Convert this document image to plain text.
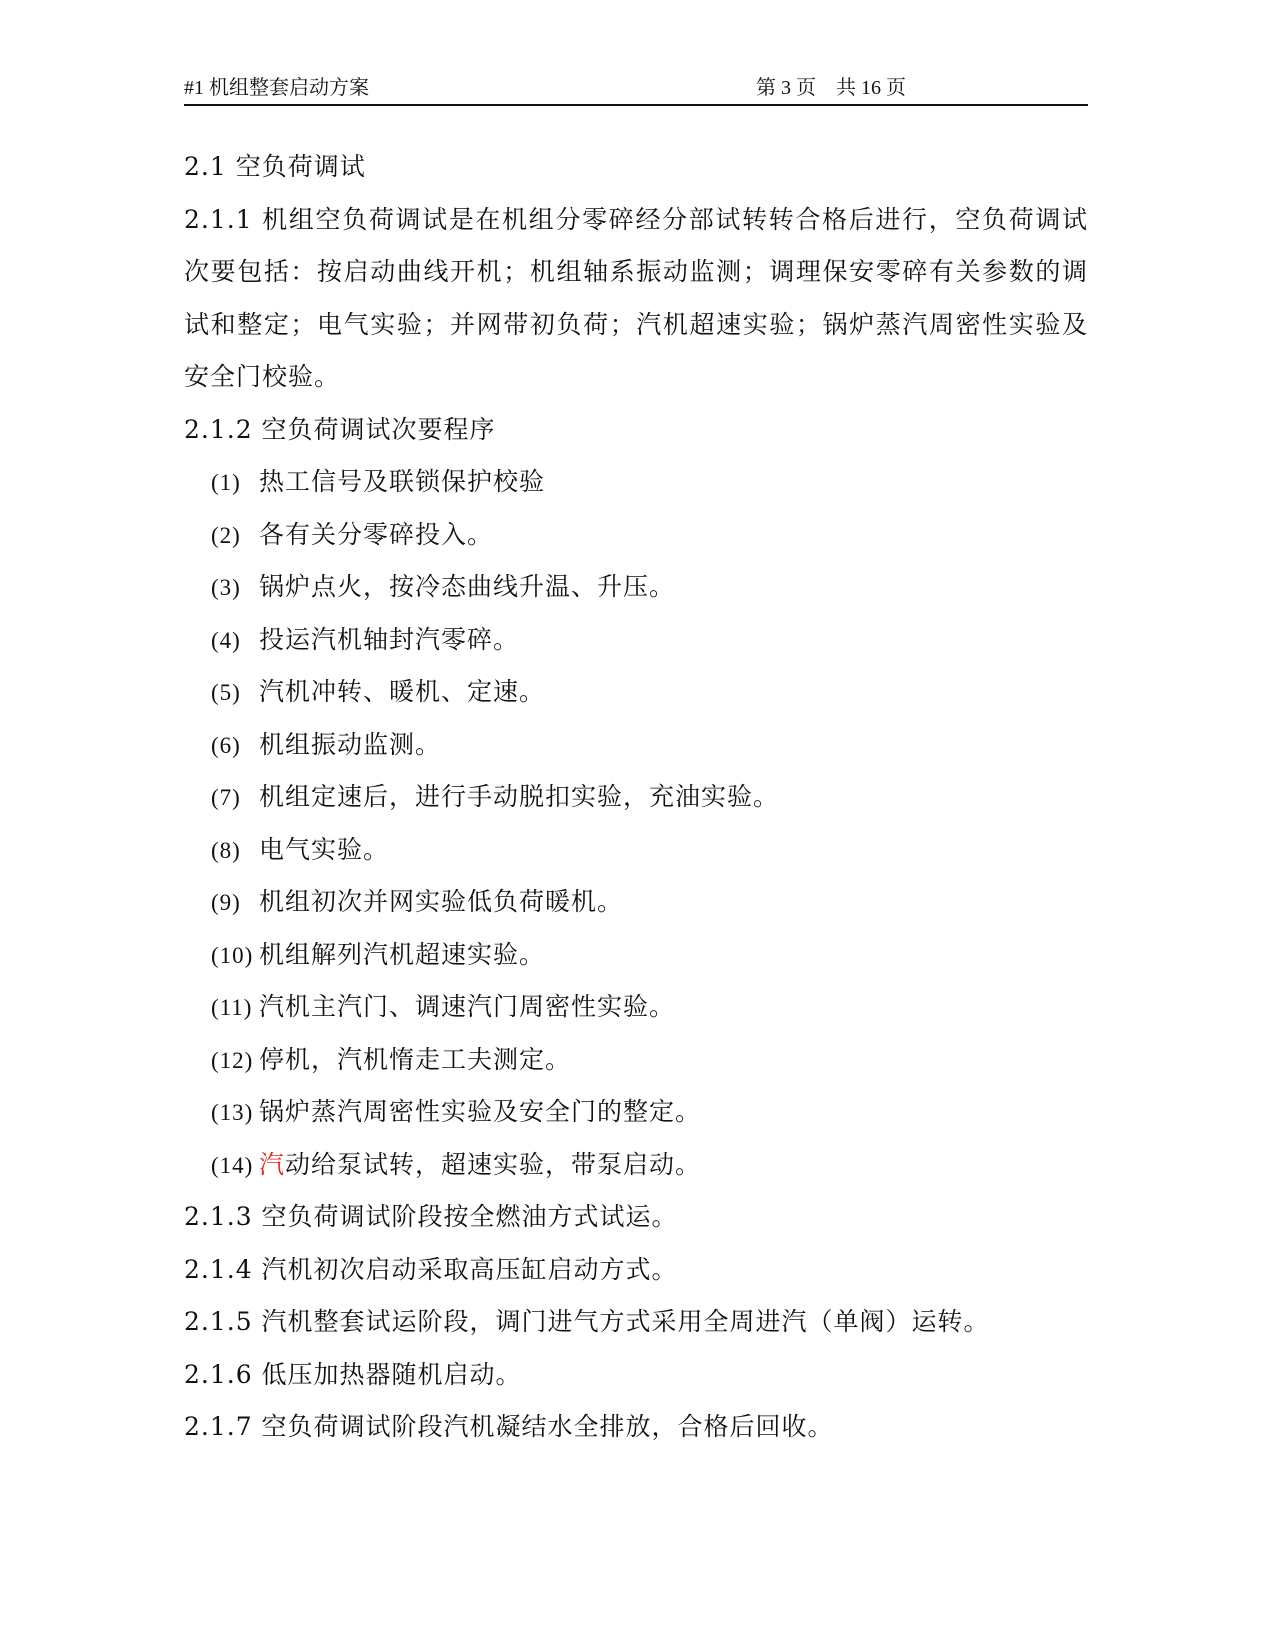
#1 机组整套启动方案	第 3 页    共 16 页
2.1 空负荷调试

2.1.1 机组空负荷调试是在机组分零碎经分部试转转合格后进行，空负荷调试次要包括：按启动曲线开机；机组轴系振动监测；调理保安零碎有关参数的调试和整定；电气实验；并网带初负荷；汽机超速实验；锅炉蒸汽周密性实验及安全门校验。

2.1.2 空负荷调试次要程序
(1) 热工信号及联锁保护校验
(2) 各有关分零碎投入。
(3) 锅炉点火，按冷态曲线升温、升压。
(4) 投运汽机轴封汽零碎。
(5) 汽机冲转、暖机、定速。
(6) 机组振动监测。
(7) 机组定速后，进行手动脱扣实验，充油实验。
(8) 电气实验。
(9) 机组初次并网实验低负荷暖机。
(10) 机组解列汽机超速实验。
(11) 汽机主汽门、调速汽门周密性实验。
(12) 停机，汽机惰走工夫测定。
(13) 锅炉蒸汽周密性实验及安全门的整定。
(14) 汽动给泵试转，超速实验，带泵启动。
2.1.3 空负荷调试阶段按全燃油方式试运。
2.1.4 汽机初次启动采取高压缸启动方式。
2.1.5 汽机整套试运阶段，调门进气方式采用全周进汽（单阀）运转。
2.1.6 低压加热器随机启动。
2.1.7 空负荷调试阶段汽机凝结水全排放，合格后回收。
